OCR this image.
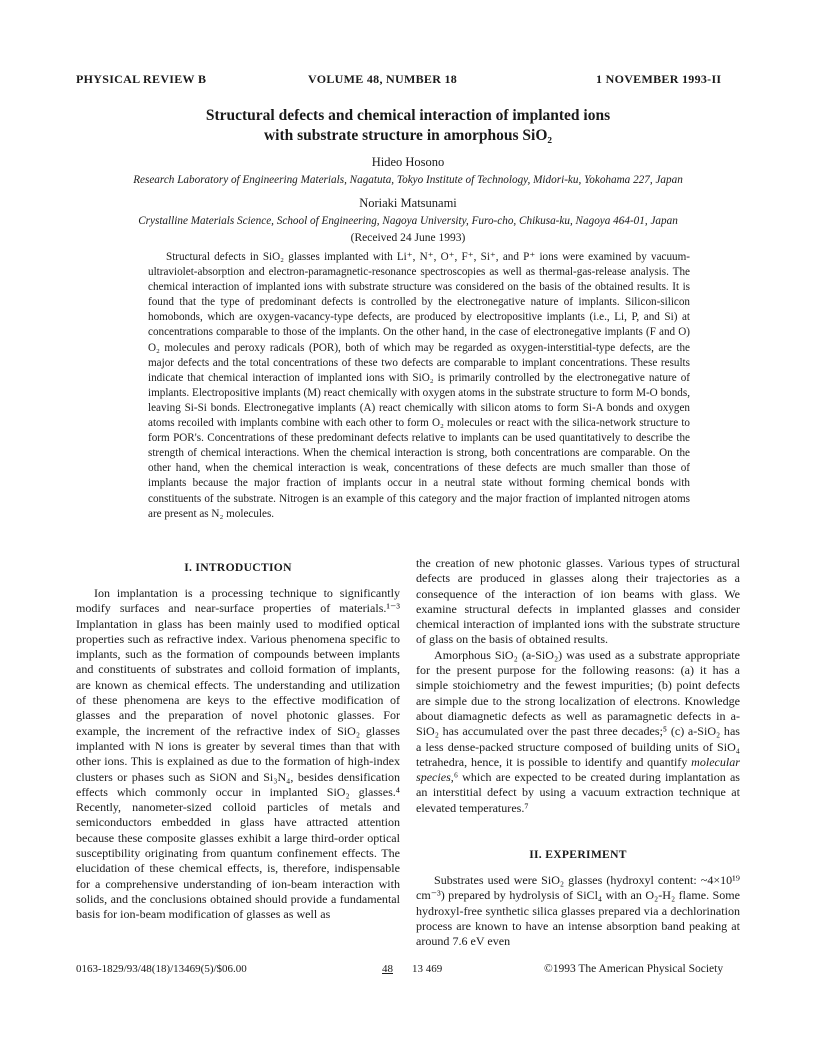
PHYSICAL REVIEW B	VOLUME 48, NUMBER 18	1 NOVEMBER 1993-II
Structural defects and chemical interaction of implanted ions
with substrate structure in amorphous SiO₂
Hideo Hosono
Research Laboratory of Engineering Materials, Nagatuta, Tokyo Institute of Technology, Midori-ku, Yokohama 227, Japan
Noriaki Matsunami
Crystalline Materials Science, School of Engineering, Nagoya University, Furo-cho, Chikusa-ku, Nagoya 464-01, Japan
(Received 24 June 1993)
Structural defects in SiO₂ glasses implanted with Li⁺, N⁺, O⁺, F⁺, Si⁺, and P⁺ ions were examined by vacuum-ultraviolet-absorption and electron-paramagnetic-resonance spectroscopies as well as thermal-gas-release analysis. The chemical interaction of implanted ions with substrate structure was considered on the basis of the obtained results. It is found that the type of predominant defects is controlled by the electronegative nature of implants. Silicon-silicon homobonds, which are oxygen-vacancy-type defects, are produced by electropositive implants (i.e., Li, P, and Si) at concentrations comparable to those of the implants. On the other hand, in the case of electronegative implants (F and O) O₂ molecules and peroxy radicals (POR), both of which may be regarded as oxygen-interstitial-type defects, are the major defects and the total concentrations of these two defects are comparable to implant concentrations. These results indicate that chemical interaction of implanted ions with SiO₂ is primarily controlled by the electronegative nature of implants. Electropositive implants (M) react chemically with oxygen atoms in the substrate structure to form M-O bonds, leaving Si-Si bonds. Electronegative implants (A) react chemically with silicon atoms to form Si-A bonds and oxygen atoms recoiled with implants combine with each other to form O₂ molecules or react with the silica-network structure to form POR's. Concentrations of these predominant defects relative to implants can be used quantitatively to describe the strength of chemical interactions. When the chemical interaction is strong, both concentrations are comparable. On the other hand, when the chemical interaction is weak, concentrations of these defects are much smaller than those of implants because the major fraction of implants occur in a neutral state without forming chemical bonds with constituents of the substrate. Nitrogen is an example of this category and the major fraction of implanted nitrogen atoms are present as N₂ molecules.
I. INTRODUCTION

Ion implantation is a processing technique to significantly modify surfaces and near-surface properties of materials.¹⁻³ Implantation in glass has been mainly used to modified optical properties such as refractive index. Various phenomena specific to implants, such as the formation of compounds between implants and constituents of substrates and colloid formation of implants, are known as chemical effects. The understanding and utilization of these phenomena are keys to the effective modification of glasses and the preparation of novel photonic glasses. For example, the increment of the refractive index of SiO₂ glasses implanted with N ions is greater by several times than that with other ions. This is explained as due to the formation of high-index clusters or phases such as SiON and Si₃N₄, besides densification effects which commonly occur in implanted SiO₂ glasses.⁴ Recently, nanometer-sized colloid particles of metals and semiconductors embedded in glass have attracted attention because these composite glasses exhibit a large third-order optical susceptibility originating from quantum confinement effects. The elucidation of these chemical effects, is, therefore, indispensable for a comprehensive understanding of ion-beam interaction with solids, and the conclusions obtained should provide a fundamental basis for ion-beam modification of glasses as well as

the creation of new photonic glasses. Various types of structural defects are produced in glasses along their trajectories as a consequence of the interaction of ion beams with glass. We examine structural defects in implanted glasses and consider chemical interaction of implanted ions with the substrate structure of glass on the basis of obtained results.

Amorphous SiO₂ (a-SiO₂) was used as a substrate appropriate for the present purpose for the following reasons: (a) it has a simple stoichiometry and the fewest impurities; (b) point defects are simple due to the strong localization of electrons. Knowledge about diamagnetic defects as well as paramagnetic defects in a-SiO₂ has accumulated over the past three decades;⁵ (c) a-SiO₂ has a less dense-packed structure composed of building units of SiO₄ tetrahedra, hence, it is possible to identify and quantify molecular species,⁶ which are expected to be created during implantation as an interstitial defect by using a vacuum extraction technique at elevated temperatures.⁷

II. EXPERIMENT

Substrates used were SiO₂ glasses (hydroxyl content: ~4×10¹⁹ cm⁻³) prepared by hydrolysis of SiCl₄ with an O₂-H₂ flame. Some hydroxyl-free synthetic silica glasses prepared via a dechlorination process are known to have an intense absorption band peaking at around 7.6 eV even

0163-1829/93/48(18)/13469(5)/$06.00	48 13 469	©1993 The American Physical Society
